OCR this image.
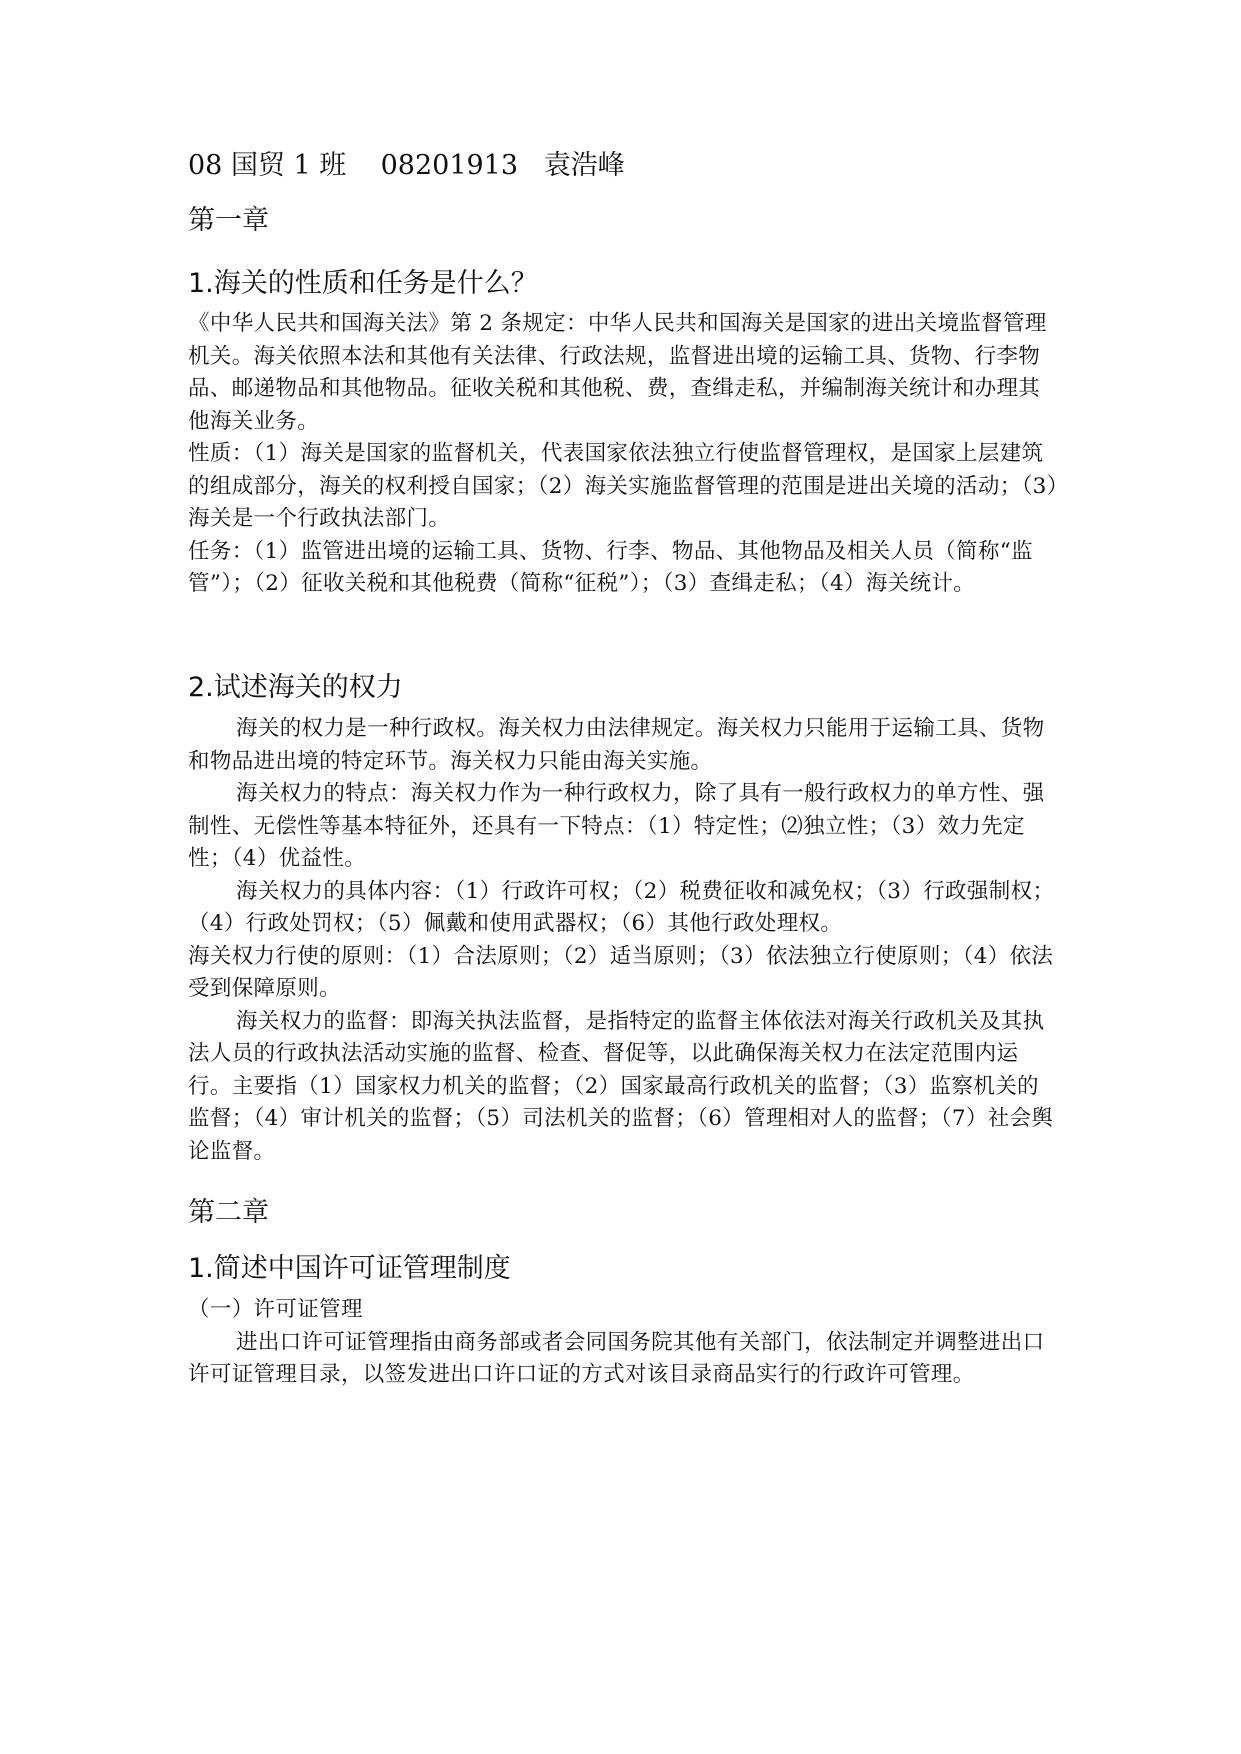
08 国贸 1 班    08201913   袁浩峰
第一章
1.海关的性质和任务是什么？

《中华人民共和国海关法》第 2 条规定：中华人民共和国海关是国家的进出关境监督管理机关。海关依照本法和其他有关法律、行政法规，监督进出境的运输工具、货物、行李物品、邮递物品和其他物品。征收关税和其他税、费，查缉走私，并编制海关统计和办理其他海关业务。

性质：（1）海关是国家的监督机关，代表国家依法独立行使监督管理权，是国家上层建筑的组成部分，海关的权利授自国家；（2）海关实施监督管理的范围是进出关境的活动；（3）海关是一个行政执法部门。

任务：（1）监管进出境的运输工具、货物、行李、物品、其他物品及相关人员（简称“监管”）；（2）征收关税和其他税费（简称“征税”）；（3）查缉走私；（4）海关统计。

2.试述海关的权力

海关的权力是一种行政权。海关权力由法律规定。海关权力只能用于运输工具、货物和物品进出境的特定环节。海关权力只能由海关实施。

海关权力的特点：海关权力作为一种行政权力，除了具有一般行政权力的单方性、强制性、无偿性等基本特征外，还具有一下特点：（1）特定性；⑵独立性；（3）效力先定性；（4）优益性。

海关权力的具体内容：（1）行政许可权；（2）税费征收和减免权；（3）行政强制权；（4）行政处罚权；（5）佩戴和使用武器权；（6）其他行政处理权。

海关权力行使的原则：（1）合法原则；（2）适当原则；（3）依法独立行使原则；（4）依法受到保障原则。

海关权力的监督：即海关执法监督，是指特定的监督主体依法对海关行政机关及其执法人员的行政执法活动实施的监督、检查、督促等，以此确保海关权力在法定范围内运行。主要指（1）国家权力机关的监督；（2）国家最高行政机关的监督；（3）监察机关的监督；（4）审计机关的监督；（5）司法机关的监督；（6）管理相对人的监督；（7）社会舆论监督。

第二章
1.简述中国许可证管理制度

（一）许可证管理

进出口许可证管理指由商务部或者会同国务院其他有关部门，依法制定并调整进出口许可证管理目录，以签发进出口许口证的方式对该目录商品实行的行政许可管理。
